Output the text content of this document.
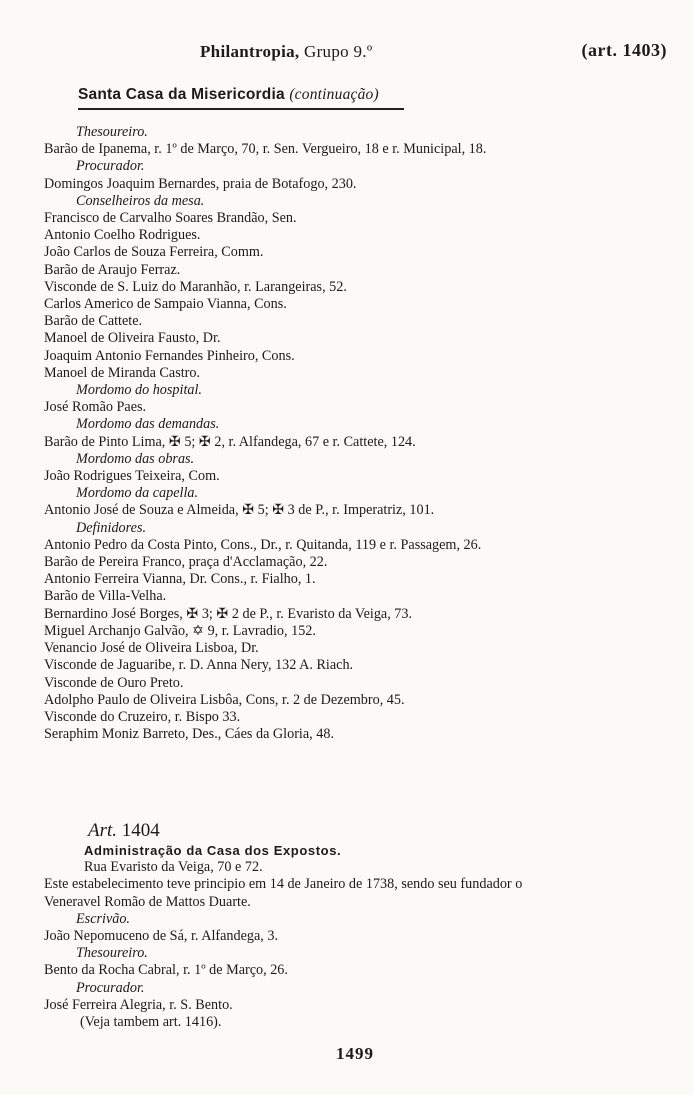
Philantropia, Grupo 9.º	(art. 1403)
Santa Casa da Misericordia (continuação)
Thesoureiro.
Barão de Ipanema, r. 1º de Março, 70, r. Sen. Vergueiro, 18 e r. Municipal, 18.
Procurador.
Domingos Joaquim Bernardes, praia de Botafogo, 230.
Conselheiros da mesa.
Francisco de Carvalho Soares Brandão, Sen.
Antonio Coelho Rodrigues.
João Carlos de Souza Ferreira, Comm.
Barão de Araujo Ferraz.
Visconde de S. Luiz do Maranhão, r. Larangeiras, 52.
Carlos Americo de Sampaio Vianna, Cons.
Barão de Cattete.
Manoel de Oliveira Fausto, Dr.
Joaquim Antonio Fernandes Pinheiro, Cons.
Manoel de Miranda Castro.
Mordomo do hospital.
José Romão Paes.
Mordomo das demandas.
Barão de Pinto Lima, ✠ 5; ✠ 2, r. Alfandega, 67 e r. Cattete, 124.
Mordomo das obras.
João Rodrigues Teixeira, Com.
Mordomo da capella.
Antonio José de Souza e Almeida, ✠ 5; ✠ 3 de P., r. Imperatriz, 101.
Definidores.
Antonio Pedro da Costa Pinto, Cons., Dr., r. Quitanda, 119 e r. Passagem, 26.
Barão de Pereira Franco, praça d'Acclamação, 22.
Antonio Ferreira Vianna, Dr. Cons., r. Fialho, 1.
Barão de Villa-Velha.
Bernardino José Borges, ✠ 3; ✠ 2 de P., r. Evaristo da Veiga, 73.
Miguel Archanjo Galvão, ✡ 9, r. Lavradio, 152.
Venancio José de Oliveira Lisboa, Dr.
Visconde de Jaguaribe, r. D. Anna Nery, 132 A. Riach.
Visconde de Ouro Preto.
Adolpho Paulo de Oliveira Lisbôa, Cons, r. 2 de Dezembro, 45.
Visconde do Cruzeiro, r. Bispo 33.
Seraphim Moniz Barreto, Des., Cáes da Gloria, 48.
Art. 1404
Administração da Casa dos Expostos.
Rua Evaristo da Veiga, 70 e 72.
Este estabelecimento teve principio em 14 de Janeiro de 1738, sendo seu fundador o
Veneravel Romão de Mattos Duarte.
Escrivão.
João Nepomuceno de Sá, r. Alfandega, 3.
Thesoureiro.
Bento da Rocha Cabral, r. 1º de Março, 26.
Procurador.
José Ferreira Alegria, r. S. Bento.
(Veja tambem art. 1416).
1499
